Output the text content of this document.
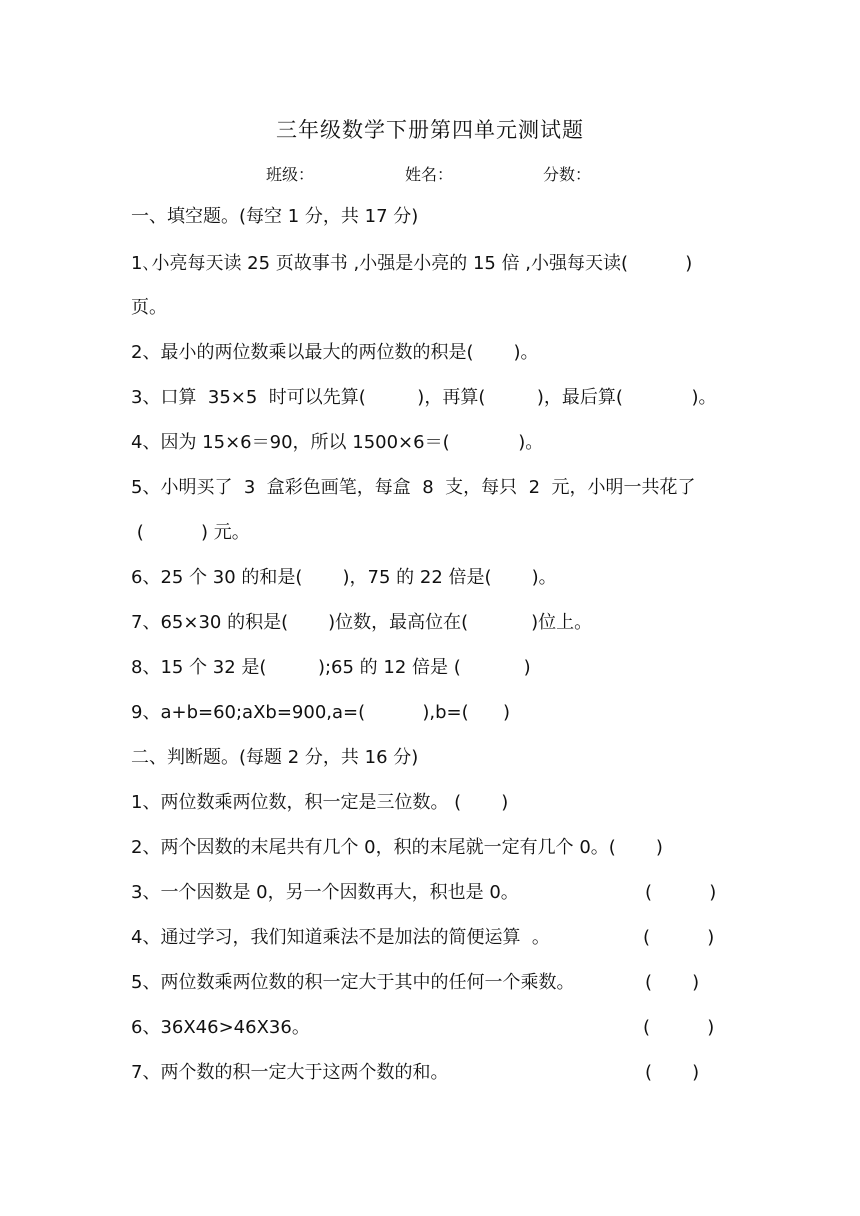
三年级数学下册第四单元测试题
班级：	姓名：	分数：
一、填空题。(每空 1 分，共 17 分)
1､小亮每天读 25 页故事书 ,小强是小亮的 15 倍 ,小强每天读(          )
页。
2、最小的两位数乘以最大的两位数的积是(       )。
3、口算  35×5  时可以先算(         )，再算(         )，最后算(            )。
4、因为 15×6＝90，所以 1500×6＝(            )。
5、小明买了  3  盒彩色画笔，每盒  8  支，每只  2  元，小明一共花了
(          ) 元。
6、25 个 30 的和是(       )，75 的 22 倍是(       )。
7、65×30 的积是(       )位数，最高位在(           )位上。
8、15 个 32 是(         );65 的 12 倍是 (           )
9、a+b=60;aⅩb=900,a=(          ),b=(      )
二、判断题。(每题 2 分，共 16 分)
1、两位数乘两位数，积一定是三位数。 (       )
2、两个因数的末尾共有几个 0，积的末尾就一定有几个 0。(       )
3、一个因数是 0，另一个因数再大，积也是 0。	(          )
4、通过学习，我们知道乘法不是加法的简便运算  。	(          )
5、两位数乘两位数的积一定大于其中的任何一个乘数。	(       )
6、36Ⅹ46>46Ⅹ36。	(          )
7、两个数的积一定大于这两个数的和。	(       )
